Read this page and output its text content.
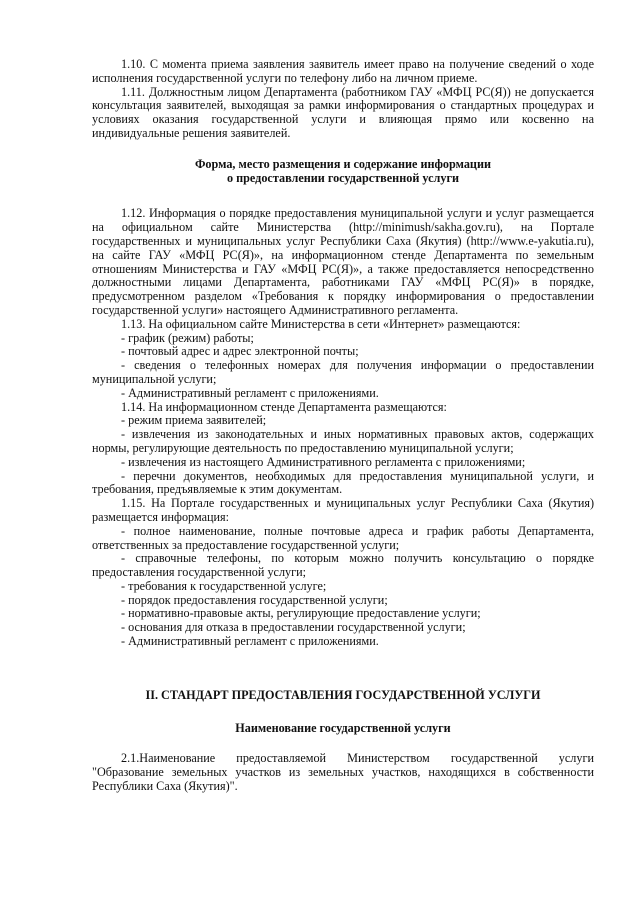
1.10. С момента приема заявления заявитель имеет право на получение сведений о ходе исполнения государственной услуги по телефону либо на личном приеме.

1.11. Должностным лицом Департамента (работником ГАУ «МФЦ РС(Я)) не допускается консультация заявителей, выходящая за рамки информирования о стандартных процедурах и условиях оказания государственной услуги и влияющая прямо или косвенно на индивидуальные решения заявителей.

Форма, место размещения и содержание информации

о предоставлении государственной услуги

1.12. Информация о порядке предоставления муниципальной услуги и услуг размещается на официальном сайте Министерства (http://minimush/sakha.gov.ru), на Портале государственных и муниципальных услуг Республики Саха (Якутия) (http://www.e-yakutia.ru), на сайте ГАУ «МФЦ РС(Я)», на информационном стенде Департамента по земельным отношениям Министерства и ГАУ «МФЦ РС(Я)», а также предоставляется непосредственно должностными лицами Департамента, работниками ГАУ «МФЦ РС(Я)» в порядке, предусмотренном разделом «Требования к порядку информирования о предоставлении государственной услуги» настоящего Административного регламента.

1.13. На официальном сайте Министерства в сети «Интернет» размещаются:

- график (режим) работы;

- почтовый адрес и адрес электронной почты;

- сведения о телефонных номерах для получения информации о предоставлении муниципальной услуги;

- Административный регламент с приложениями.

1.14. На информационном стенде Департамента размещаются:

- режим приема заявителей;

- извлечения из законодательных и иных нормативных правовых актов, содержащих нормы, регулирующие деятельность по предоставлению муниципальной услуги;

- извлечения из настоящего Административного регламента с приложениями;

- перечни документов, необходимых для предоставления муниципальной услуги, и требования, предъявляемые к этим документам.

1.15. На Портале государственных и муниципальных услуг Республики Саха (Якутия) размещается информация:

- полное наименование, полные почтовые адреса и график работы Департамента, ответственных за предоставление государственной услуги;

- справочные телефоны, по которым можно получить консультацию о порядке предоставления государственной услуги;

- требования к государственной услуге;

- порядок предоставления государственной услуги;

- нормативно-правовые акты, регулирующие предоставление услуги;

- основания для отказа в предоставлении государственной услуги;

- Административный регламент с приложениями.

II. СТАНДАРТ ПРЕДОСТАВЛЕНИЯ ГОСУДАРСТВЕННОЙ УСЛУГИ

Наименование государственной услуги

2.1.Наименование предоставляемой Министерством государственной услуги "Образование земельных участков из земельных участков, находящихся в собственности Республики Саха (Якутия)".
